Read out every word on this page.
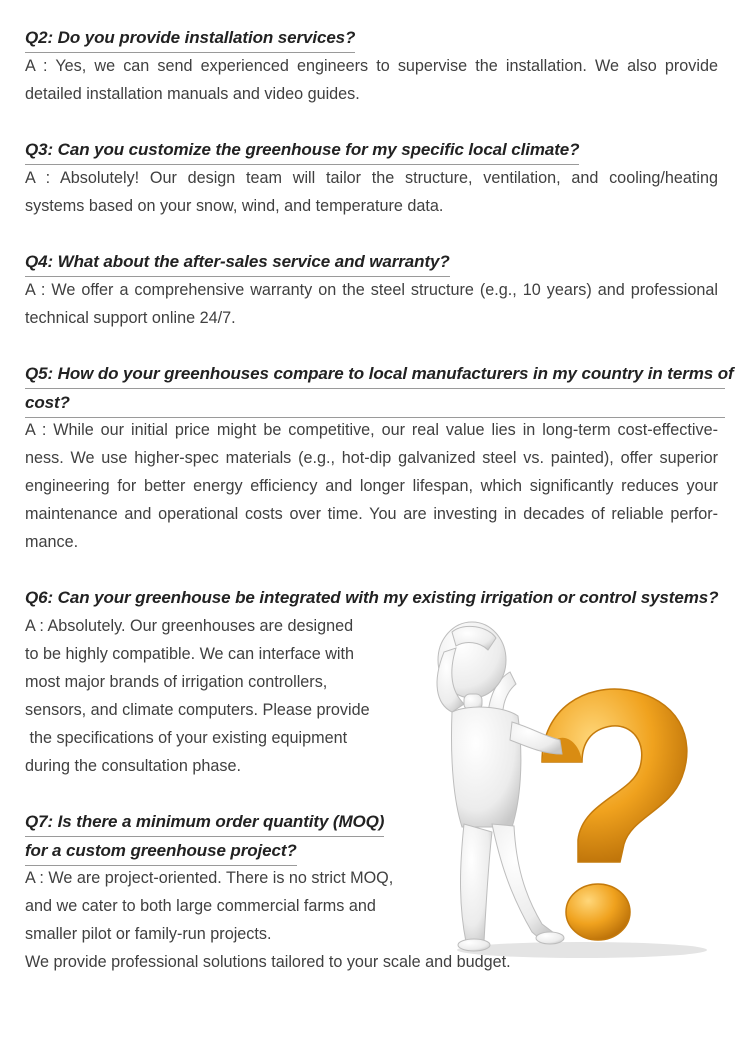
Q2: Do you provide installation services?
A : Yes, we can send experienced engineers to supervise the installation. We also provide
detailed installation manuals and video guides.
Q3: Can you customize the greenhouse for my specific local climate?
A : Absolutely! Our design team will tailor the structure, ventilation, and cooling/heating
systems based on your snow, wind, and temperature data.
Q4: What about the after-sales service and warranty?
A : We offer a comprehensive warranty on the steel structure (e.g., 10 years) and professional
technical support online 24/7.
Q5: How do your greenhouses compare to local manufacturers in my country in terms of
cost?
A : While our initial price might be competitive, our real value lies in long-term cost-effective-
ness. We use higher-spec materials (e.g., hot-dip galvanized steel vs. painted), offer superior
engineering for better energy efficiency and longer lifespan, which significantly reduces your
maintenance and operational costs over time. You are investing in decades of reliable perfor-
mance.
Q6: Can your greenhouse be integrated with my existing irrigation or control systems?
A : Absolutely. Our greenhouses are designed
to be highly compatible. We can interface with
most major brands of irrigation controllers,
sensors, and climate computers. Please provide
the specifications of your existing equipment
during the consultation phase.
Q7: Is there a minimum order quantity (MOQ)
for a custom greenhouse project?
A : We are project-oriented. There is no strict MOQ,
and we cater to both large commercial farms and
smaller pilot or family-run projects.
We provide professional solutions tailored to your scale and budget.
